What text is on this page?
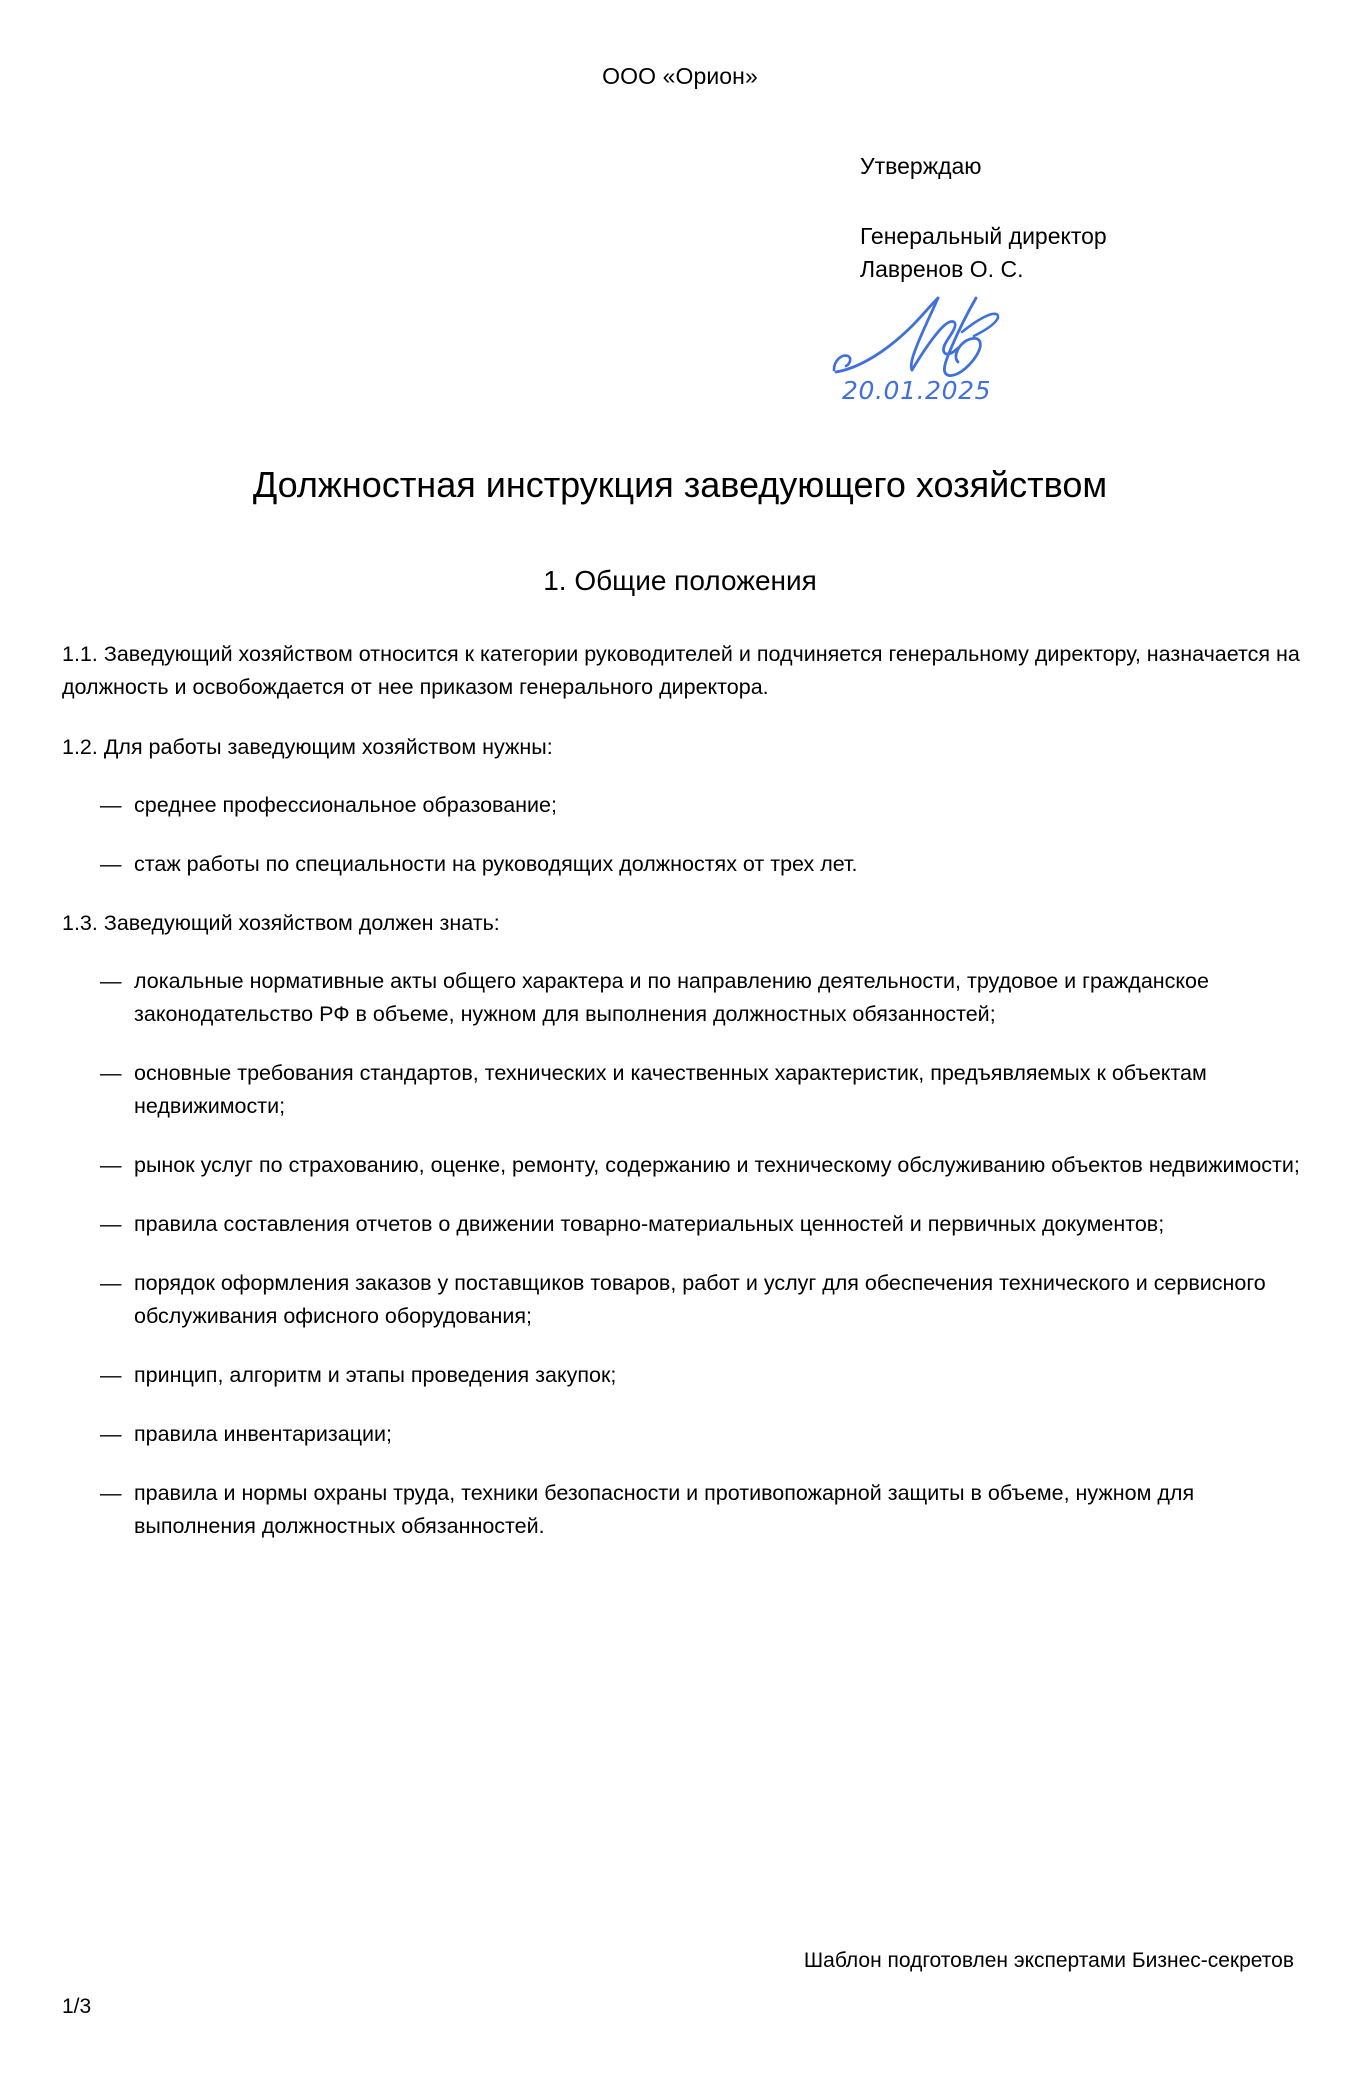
ООО «Орион»
Утверждаю
Генеральный директор
Лавренов О. С.
20.01.2025
Должностная инструкция заведующего хозяйством
1. Общие положения

1.1. Заведующий хозяйством относится к категории руководителей и подчиняется генеральному директору, назначается на должность и освобождается от нее приказом генерального директора.

1.2. Для работы заведующим хозяйством нужны:

— среднее профессиональное образование;
— стаж работы по специальности на руководящих должностях от трех лет.

1.3. Заведующий хозяйством должен знать:

— локальные нормативные акты общего характера и по направлению деятельности, трудовое и гражданское законодательство РФ в объеме, нужном для выполнения должностных обязанностей;
— основные требования стандартов, технических и качественных характеристик, предъявляемых к объектам недвижимости;
— рынок услуг по страхованию, оценке, ремонту, содержанию и техническому обслуживанию объектов недвижимости;
— правила составления отчетов о движении товарно-материальных ценностей и первичных документов;
— порядок оформления заказов у поставщиков товаров, работ и услуг для обеспечения технического и сервисного обслуживания офисного оборудования;
— принцип, алгоритм и этапы проведения закупок;
— правила инвентаризации;
— правила и нормы охраны труда, техники безопасности и противопожарной защиты в объеме, нужном для выполнения должностных обязанностей.
Шаблон подготовлен экспертами Бизнес-секретов
1/3
